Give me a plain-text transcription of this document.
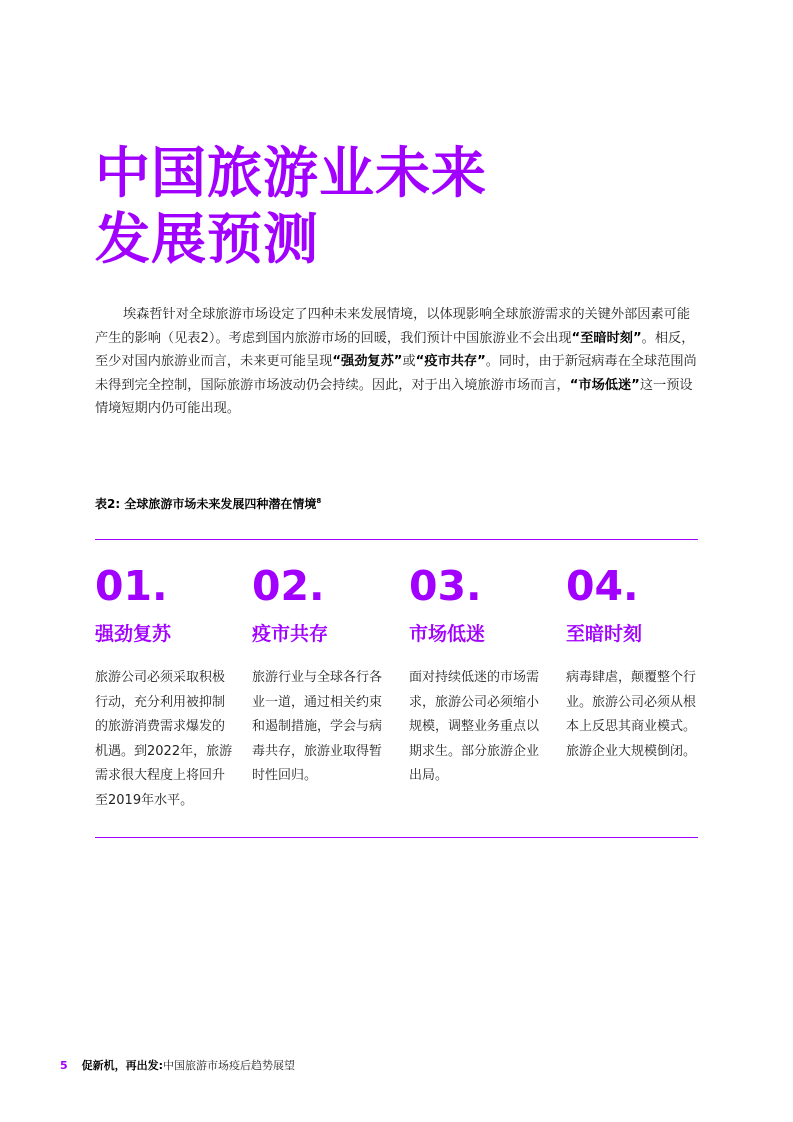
中国旅游业未来
发展预测

埃森哲针对全球旅游市场设定了四种未来发展情境，以体现影响全球旅游需求的关键外部因素可能产生的影响（见表2）。考虑到国内旅游市场的回暖，我们预计中国旅游业不会出现“至暗时刻”。相反，至少对国内旅游业而言，未来更可能呈现“强劲复苏”或“疫市共存”。同时，由于新冠病毒在全球范围尚未得到完全控制，国际旅游市场波动仍会持续。因此，对于出入境旅游市场而言，“市场低迷”这一预设情境短期内仍可能出现。

表2: 全球旅游市场未来发展四种潜在情境$^8$

01.
强劲复苏
旅游公司必须采取积极行动，充分利用被抑制的旅游消费需求爆发的机遇。到2022年，旅游需求很大程度上将回升至2019年水平。
02.
疫市共存
旅游行业与全球各行各业一道，通过相关约束和遏制措施，学会与病毒共存，旅游业取得暂时性回归。
03.
市场低迷
面对持续低迷的市场需求，旅游公司必须缩小规模，调整业务重点以期求生。部分旅游企业出局。
04.
至暗时刻
病毒肆虐，颠覆整个行业。旅游公司必须从根本上反思其商业模式。旅游企业大规模倒闭。
5 促新机，再出发:中国旅游市场疫后趋势展望
